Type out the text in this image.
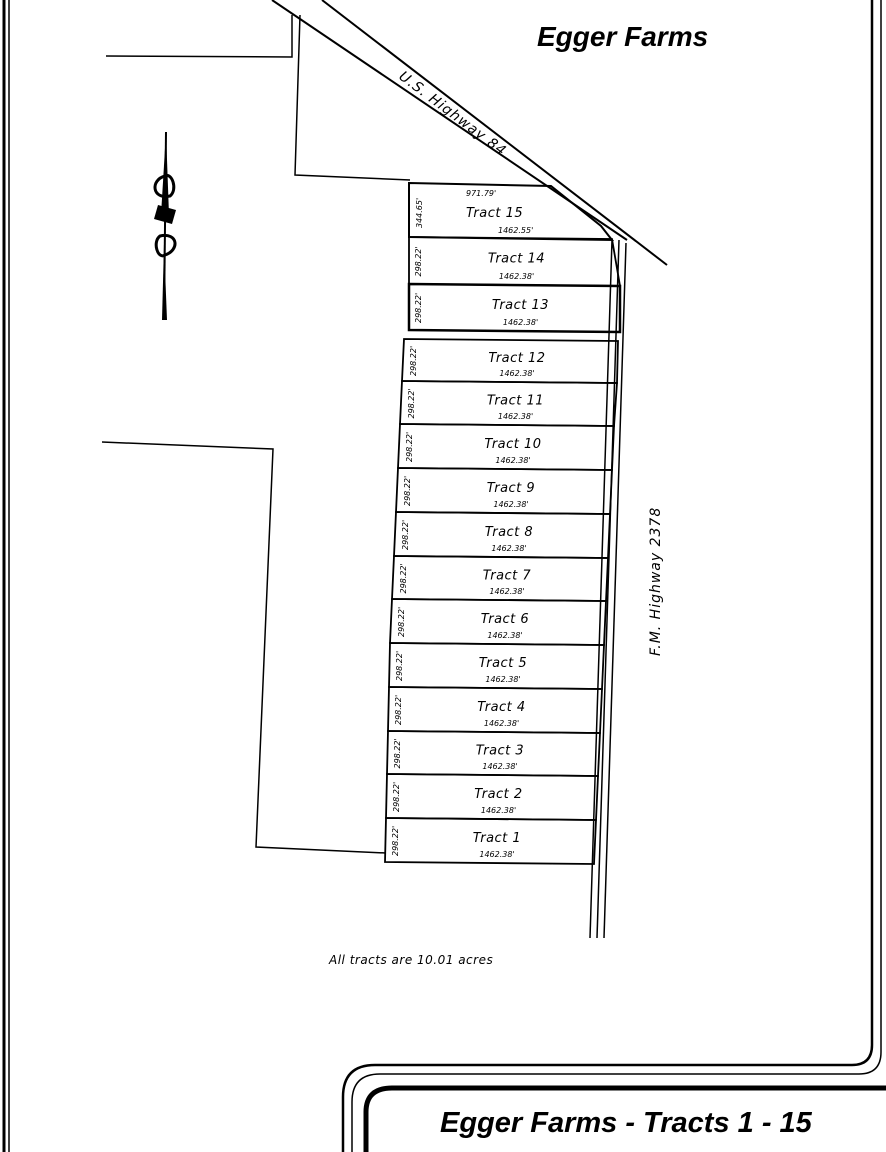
Egger Farms - Tracts 1 - 15
Egger Farms
U.S. Highway 84
F.M. Highway 2378
971.79'
344.65'	Tract 15
1462.55'
Tract 14
1462.38'
298.22'
Tract 13
1462.38'
298.22'
Tract 12
1462.38'
298.22'
Tract 11
1462.38'
298.22'
Tract 10
1462.38'
298.22'
Tract 9
1462.38'
298.22'
Tract 8
1462.38'
298.22'
Tract 7
1462.38'
298.22'
Tract 6
1462.38'
298.22'
Tract 5
1462.38'
298.22'
Tract 4
1462.38'
298.22'
Tract 3
1462.38'
298.22'
Tract 2
1462.38'
298.22'
Tract 1
1462.38'
298.22'
All tracts are 10.01 acres
